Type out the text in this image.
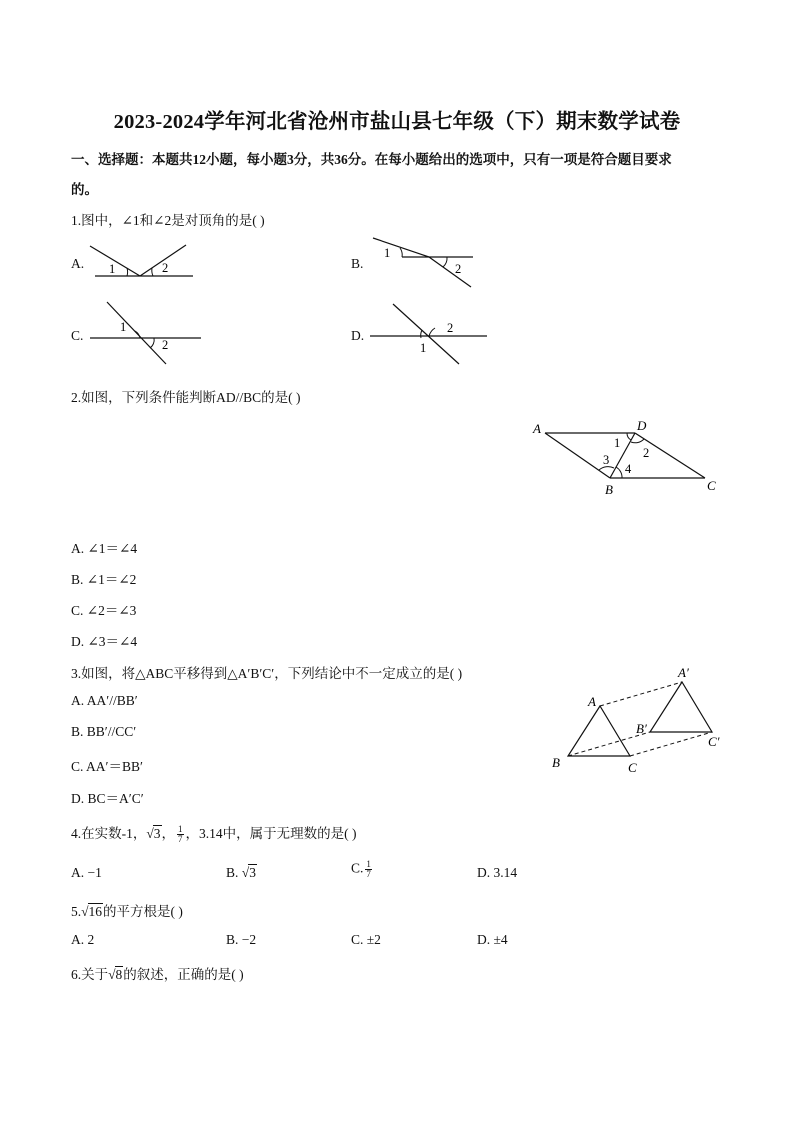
2023-2024学年河北省沧州市盐山县七年级（下）期末数学试卷
一、选择题：本题共12小题，每小题3分，共36分。在每小题给出的选项中，只有一项是符合题目要求
的。
1.图中，∠1和∠2是对顶角的是( )
A. 1	2	B.
1
2
C.
1
2
D.	2
1
2.如图，下列条件能判断AD//BC的是( )
A	D
B	C
1
2
3
4
A. ∠1＝∠4
B. ∠1＝∠2
C. ∠2＝∠3
D. ∠3＝∠4
3.如图，将△ABC平移得到△A′B′C′，下列结论中不一定成立的是( )
A
B	C
A′
B′
C′
A. AA′//BB′
B. BB′//CC′
C. AA′＝BB′
D. BC＝A′C′
4.在实数-1，√3， $\frac{1}{7}$ ，3.14中，属于无理数的是( )
A. −1	B. √3	C. $\frac{1}{7}$	D. 3.14
5.√16的平方根是( )
A. 2	B. −2	C. ±2	D. ±4
6.关于√8的叙述，正确的是( )
